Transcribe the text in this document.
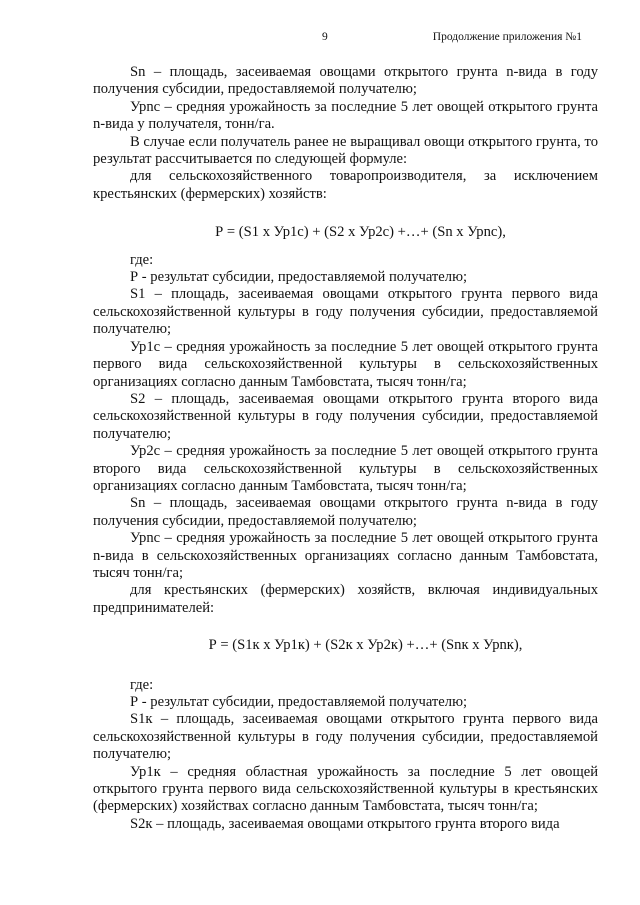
9	Продолжение приложения №1

Sn – площадь, засеиваемая овощами открытого грунта n-вида в году получения субсидии, предоставляемой получателю;

Урnc – средняя урожайность за последние 5 лет овощей открытого грунта n-вида у получателя, тонн/га.

В случае если получатель ранее не выращивал овощи открытого грунта, то результат рассчитывается по следующей формуле:

для сельскохозяйственного товаропроизводителя, за исключением крестьянских (фермерских) хозяйств:

Р = (S1 х Ур1с) + (S2 х Ур2с) +…+ (Sn х Урnc),

где:

Р - результат субсидии, предоставляемой получателю;

S1 – площадь, засеиваемая овощами открытого грунта первого вида сельскохозяйственной культуры в году получения субсидии, предоставляемой получателю;

Ур1с – средняя урожайность за последние 5 лет овощей открытого грунта первого вида сельскохозяйственной культуры в сельскохозяйственных организациях согласно данным Тамбовстата, тысяч тонн/га;

S2 – площадь, засеиваемая овощами открытого грунта второго вида сельскохозяйственной культуры в году получения субсидии, предоставляемой получателю;

Ур2с – средняя урожайность за последние 5 лет овощей открытого грунта второго вида сельскохозяйственной культуры в сельскохозяйственных организациях согласно данным Тамбовстата, тысяч тонн/га;

Sn – площадь, засеиваемая овощами открытого грунта n-вида в году получения субсидии, предоставляемой получателю;

Урnc – средняя урожайность за последние 5 лет овощей открытого грунта n-вида в сельскохозяйственных организациях согласно данным Тамбовстата, тысяч тонн/га;

для крестьянских (фермерских) хозяйств, включая индивидуальных предпринимателей:

Р = (S1к х Ур1к) + (S2к х Ур2к) +…+ (Snк х Урnк),

где:

Р - результат субсидии, предоставляемой получателю;

S1к – площадь, засеиваемая овощами открытого грунта первого вида сельскохозяйственной культуры в году получения субсидии, предоставляемой получателю;

Ур1к – средняя областная урожайность за последние 5 лет овощей открытого грунта первого вида сельскохозяйственной культуры в крестьянских (фермерских) хозяйствах согласно данным Тамбовстата, тысяч тонн/га;

S2к – площадь, засеиваемая овощами открытого грунта второго вида
